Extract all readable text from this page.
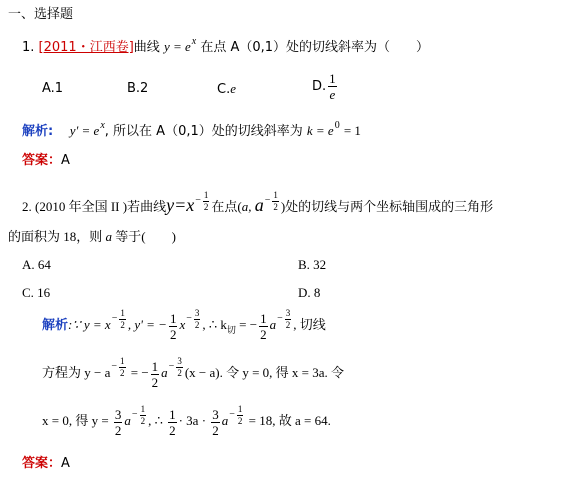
一、选择题
1. [2011・江西卷]曲线 $y = e^x$ 在点 A（0,1）处的切线斜率为（　　）
A.1	B.2	C.e	D. $\frac{1}{e}$
解析: $y' = e^x$, 所以在 A（0,1）处的切线斜率为 $k = e^0 = 1$
答案：A
2. (2010 年全国 II )若曲线$y=x - \frac{1}{2}$ 在点(a, $a - \frac{1}{2}$ )处的切线与两个坐标轴围成的三角形
的面积为 18，则 a 等于(　　)
A. 64	B. 32
C. 16	D. 8
解析:∵ $y = x - \frac{1}{2}$ , y' = − $\frac{1}{2}$ $x - \frac{3}{2}$ , ∴ $k_切$ = − $\frac{1}{2}$ $a - \frac{3}{2}$ , 切线
方程为 $y - a - \frac{1}{2}$ = − $\frac{1}{2}$ $a - \frac{3}{2} (x - a)$. 令 y = 0, 得 x = 3a. 令
x = 0, 得 $y = \frac{3}{2}$ $a - \frac{1}{2}$ , ∴ $\frac{1}{2} \cdot 3a \cdot \frac{3}{2}$ $a - \frac{1}{2} = 18$, 故 a = 64.
答案：A
